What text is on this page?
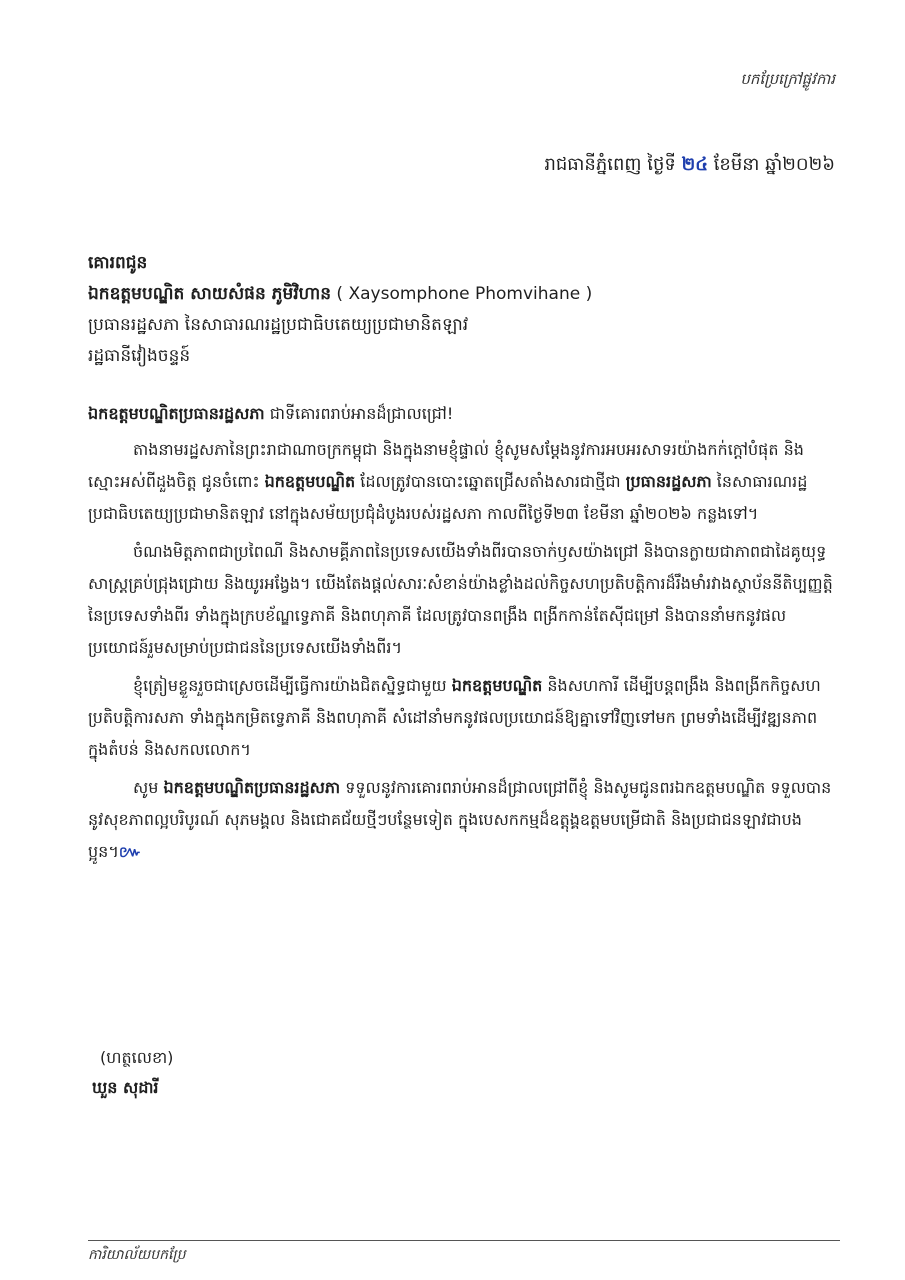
បកប្រែក្រៅផ្លូវការ
រាជធានីភ្នំពេញ ថ្ងៃទី ២៤ ខែមីនា ឆ្នាំ២០២៦
គោរពជូន
ឯកឧត្តមបណ្ឌិត សាយសំផន ភូមិវិហាន ( Xaysomphone Phomvihane )
ប្រធានរដ្ឋសភា នៃសាធារណរដ្ឋប្រជាធិបតេយ្យប្រជាមានិតឡាវ
រដ្ឋធានីវៀងចន្ទន៍

ឯកឧត្តមបណ្ឌិតប្រធានរដ្ឋសភា ជាទីគោរពរាប់អានដ៏ជ្រាលជ្រៅ!

តាងនាមរដ្ឋសភានៃព្រះរាជាណាចក្រកម្ពុជា និងក្នុងនាមខ្ញុំផ្ទាល់ ខ្ញុំសូមសម្តែងនូវការអបអរសាទរយ៉ាងកក់ក្តៅបំផុត និងស្មោះអស់ពីដួងចិត្ត ជូនចំពោះ ឯកឧត្តមបណ្ឌិត ដែលត្រូវបានបោះឆ្នោតជ្រើសតាំងសារជាថ្មីជា ប្រធានរដ្ឋសភា នៃសាធារណរដ្ឋប្រជាធិបតេយ្យប្រជាមានិតឡាវ នៅក្នុងសម័យប្រជុំដំបូងរបស់រដ្ឋសភា កាលពីថ្ងៃទី២៣ ខែមីនា ឆ្នាំ២០២៦ កន្លងទៅ។

ចំណងមិត្តភាពជាប្រពៃណី និងសាមគ្គីភាពនៃប្រទេសយើងទាំងពីរបានចាក់ឫសយ៉ាងជ្រៅ និងបានក្លាយជាភាពជាដៃគូយុទ្ធសាស្ត្រគ្រប់ជ្រុងជ្រោយ និងយូរអង្វែង។ យើងតែងផ្តល់សារៈសំខាន់យ៉ាងខ្លាំងដល់កិច្ចសហប្រតិបត្តិការដ៏រឹងមាំរវាងស្ថាប័ននីតិប្បញ្ញត្តិនៃប្រទេសទាំងពីរ ទាំងក្នុងក្របខ័ណ្ឌទ្វេភាគី និងពហុភាគី ដែលត្រូវបានពង្រឹង ពង្រីកកាន់តែស៊ីជម្រៅ និងបាននាំមកនូវផលប្រយោជន៍រួមសម្រាប់ប្រជាជននៃប្រទេសយើងទាំងពីរ។

ខ្ញុំត្រៀមខ្លួនរួចជាស្រេចដើម្បីធ្វើការយ៉ាងជិតស្និទ្ធជាមួយ ឯកឧត្តមបណ្ឌិត និងសហការី ដើម្បីបន្តពង្រឹង និងពង្រីកកិច្ចសហប្រតិបត្តិការសភា ទាំងក្នុងកម្រិតទ្វេភាគី និងពហុភាគី សំដៅនាំមកនូវផលប្រយោជន៍ឱ្យគ្នាទៅវិញទៅមក ព្រមទាំងដើម្បីវឌ្ឍនភាពក្នុងតំបន់ និងសកលលោក។

សូម ឯកឧត្តមបណ្ឌិតប្រធានរដ្ឋសភា ទទួលនូវការគោរពរាប់អានដ៏ជ្រាលជ្រៅពីខ្ញុំ និងសូមជូនពរឯកឧត្តមបណ្ឌិត ទទួលបាននូវសុខភាពល្អបរិបូរណ៍ សុភមង្គល និងជោគជ័យថ្មីៗបន្ថែមទៀត ក្នុងបេសកកម្មដ៏ឧត្តុង្គឧត្តមបម្រើជាតិ និងប្រជាជនឡាវជាបងប្អូន។៚

(ហត្ថលេខា)
ឃួន សុដារី
ការិយាល័យបកប្រែ
